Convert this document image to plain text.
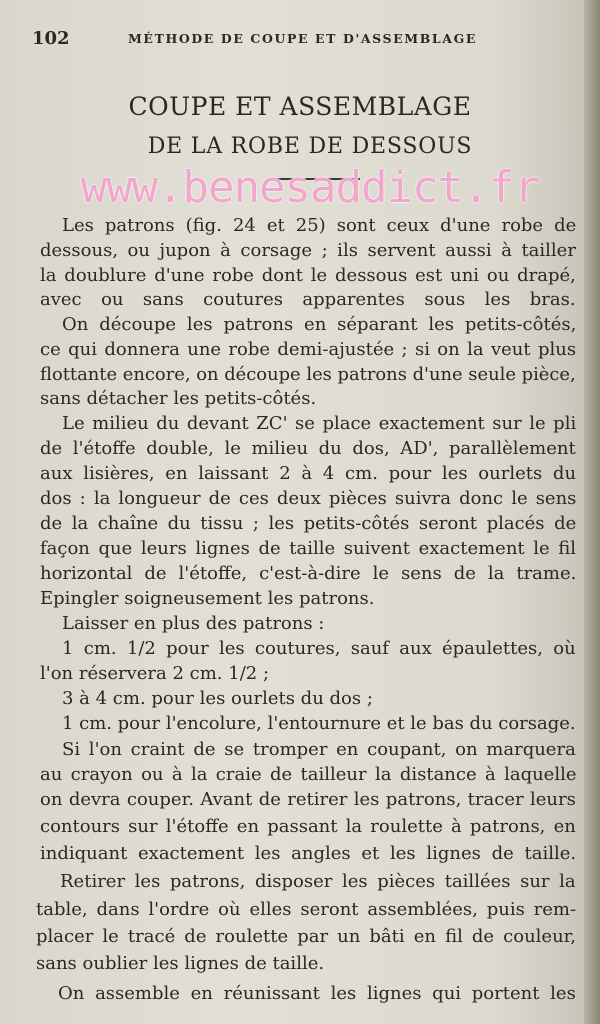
102	MÉTHODE DE COUPE ET D'ASSEMBLAGE
COUPE ET ASSEMBLAGE
DE LA ROBE DE DESSOUS
Les patrons (fig. 24 et 25) sont ceux d'une robe de
dessous, ou jupon à corsage ; ils servent aussi à tailler
la doublure d'une robe dont le dessous est uni ou drapé,
avec ou sans coutures apparentes sous les bras.
On découpe les patrons en séparant les petits-côtés,
ce qui donnera une robe demi-ajustée ; si on la veut plus
flottante encore, on découpe les patrons d'une seule pièce,
sans détacher les petits-côtés.
Le milieu du devant ZC' se place exactement sur le pli
de l'étoffe double, le milieu du dos, AD', parallèlement
aux lisières, en laissant 2 à 4 cm. pour les ourlets du
dos : la longueur de ces deux pièces suivra donc le sens
de la chaîne du tissu ; les petits-côtés seront placés de
façon que leurs lignes de taille suivent exactement le fil
horizontal de l'étoffe, c'est-à-dire le sens de la trame.
Epingler soigneusement les patrons.
Laisser en plus des patrons :
1 cm. 1/2 pour les coutures, sauf aux épaulettes, où
l'on réservera 2 cm. 1/2 ;
3 à 4 cm. pour les ourlets du dos ;
1 cm. pour l'encolure, l'entournure et le bas du corsage.
Si l'on craint de se tromper en coupant, on marquera
au crayon ou à la craie de tailleur la distance à laquelle
on devra couper. Avant de retirer les patrons, tracer leurs
contours sur l'étoffe en passant la roulette à patrons, en
indiquant exactement les angles et les lignes de taille.
Retirer les patrons, disposer les pièces taillées sur la
table, dans l'ordre où elles seront assemblées, puis rem-
placer le tracé de roulette par un bâti en fil de couleur,
sans oublier les lignes de taille.
On assemble en réunissant les lignes qui portent les
www.benesaddict.fr
